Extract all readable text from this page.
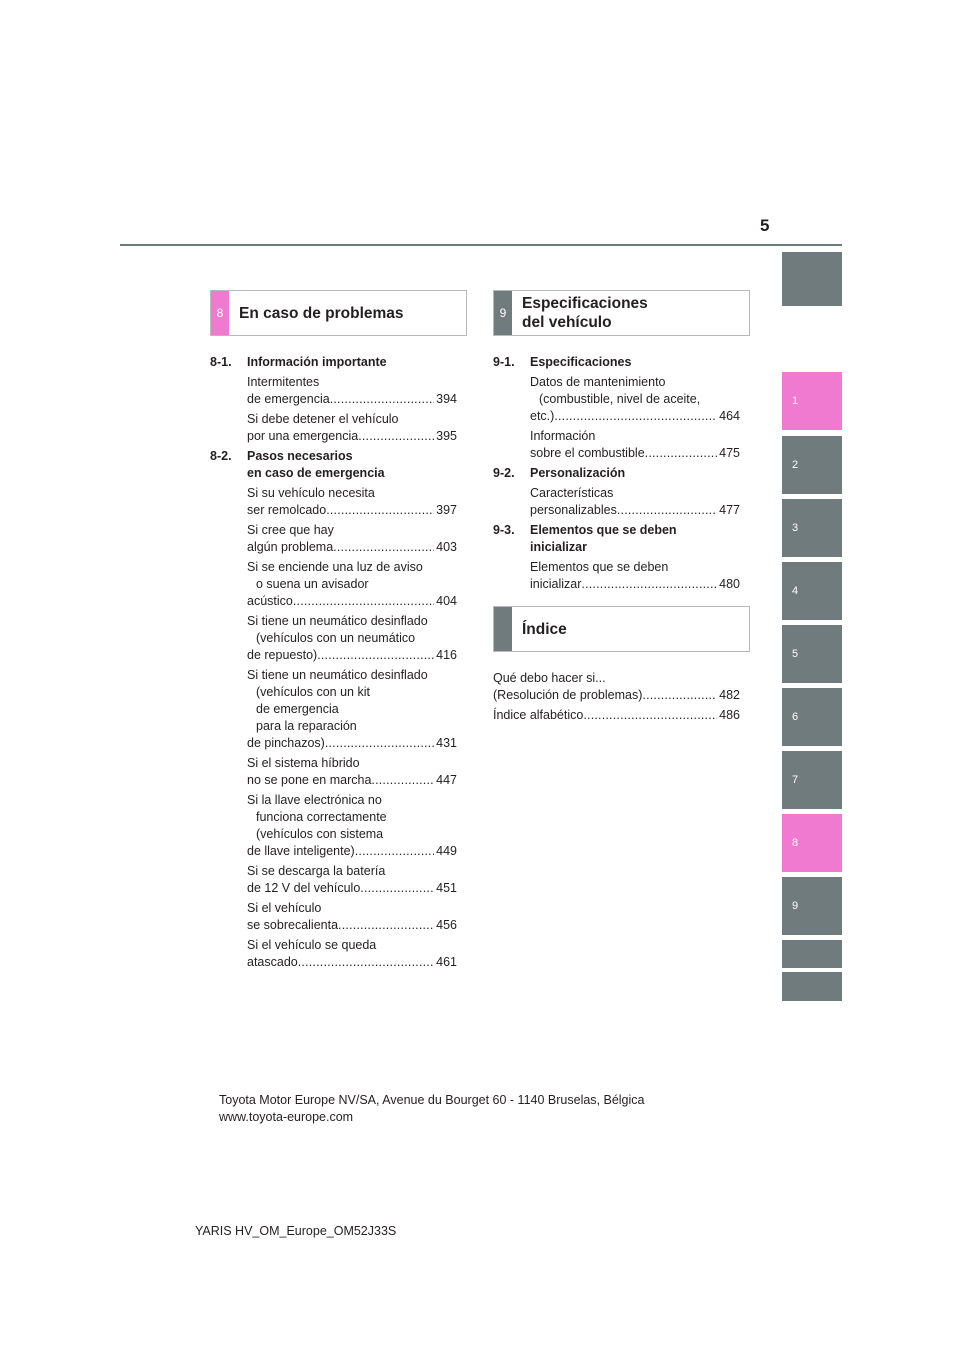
5
1
2
3
4
5
6
7
8
9
8	En caso de problemas	9
Especificaciones del vehículo
Índice
8-1.	Información importante
Intermitentes
de emergencia .....	394
Si debe detener el vehículo
por una emergencia .....	395
8-2.	Pasos necesarios
en caso de emergencia
Si su vehículo necesita
ser remolcado .....	397
Si cree que hay
algún problema .....	403
Si se enciende una luz de aviso
o suena un avisador
acústico .....	404
Si tiene un neumático desinflado
(vehículos con un neumático
de repuesto) .....	416
Si tiene un neumático desinflado
(vehículos con un kit
de emergencia
para la reparación
de pinchazos) .....	431
Si el sistema híbrido
no se pone en marcha .....	447
Si la llave electrónica no
funciona correctamente
(vehículos con sistema
de llave inteligente) .....	449
Si se descarga la batería
de 12 V del vehículo .....	451
Si el vehículo
se sobrecalienta .....	456
Si el vehículo se queda
atascado .....	461
9-1.	Especificaciones
Datos de mantenimiento
(combustible, nivel de aceite,
etc.) .....	464
Información
sobre el combustible .....	475
9-2.	Personalización
Características
personalizables .....	477
9-3.	Elementos que se deben
inicializar
Elementos que se deben
inicializar .....	480
Qué debo hacer si...
(Resolución de problemas) .....	482
Índice alfabético .....	486
Toyota Motor Europe NV/SA, Avenue du Bourget 60 - 1140 Bruselas, Bélgica
www.toyota-europe.com
YARIS HV_OM_Europe_OM52J33S
